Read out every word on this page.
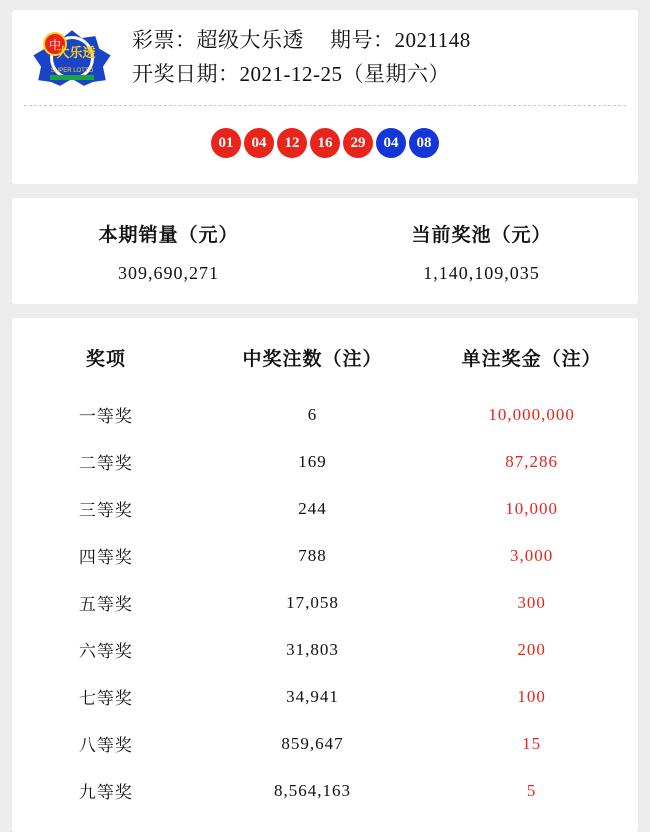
中
大乐透
SUPER LOTTO
彩票：超级大乐透 期号：2021148
开奖日期：2021-12-25（星期六）
01	04	12	16	29	04	08
本期销量（元）
309,690,271
当前奖池（元）
1,140,109,035
奖项	中奖注数（注）	单注奖金（注）
一等奖	6	10,000,000
二等奖	169	87,286
三等奖	244	10,000
四等奖	788	3,000
五等奖	17,058	300
六等奖	31,803	200
七等奖	34,941	100
八等奖	859,647	15
九等奖	8,564,163	5
